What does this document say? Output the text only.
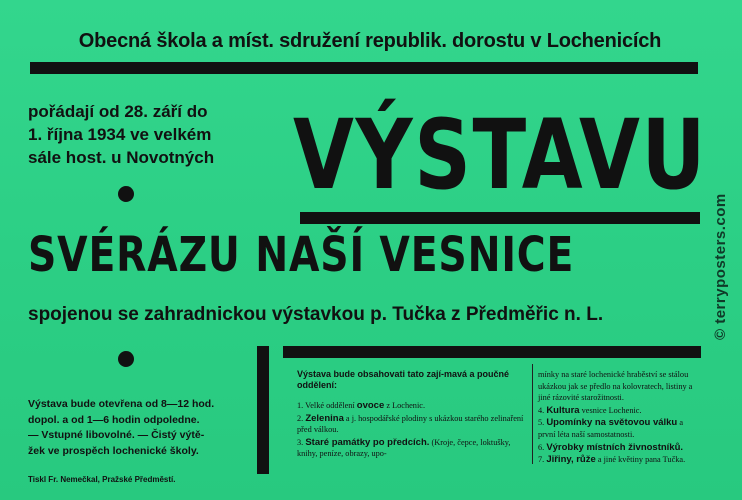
Obecná škola a míst. sdružení republik. dorostu v Lochenicích
pořádají od 28. září do
1. října 1934 ve velkém
sále host. u Novotných VÝSTAVU
SVÉRÁZU NAŠÍ VESNICE
spojenou se zahradnickou výstavkou p. Tučka z Předměřic n. L.
Výstava bude otevřena od 8—12 hod.
dopol. a od 1—6 hodin odpoledne.
— Vstupné libovolné. — Čistý výtě-
žek ve prospěch lochenické školy.
Výstava bude obsahovati tato zají-mavá a poučné oddělení:
1. Velké oddělení ovoce z Lochenic.
2. Zelenina a j. hospodářské plodiny s ukázkou starého zelinaření před válkou.
3. Staré památky po předcích. (Kroje, čepce, loktušky, knihy, peníze, obrazy, upo-
mínky na staré lochenické hraběství se stálou ukázkou jak se předlo na kolovratech, listiny a jiné rázovité starožitnosti.
4. Kultura vesnice Lochenic.
5. Upomínky na světovou válku a první léta naší samostatnosti.
6. Výrobky místních živnostníků.
7. Jiřiny, růže a jiné květiny pana Tučka.
Tiskl Fr. Nemečkal, Pražské Předměstí.
© terryposters.com
